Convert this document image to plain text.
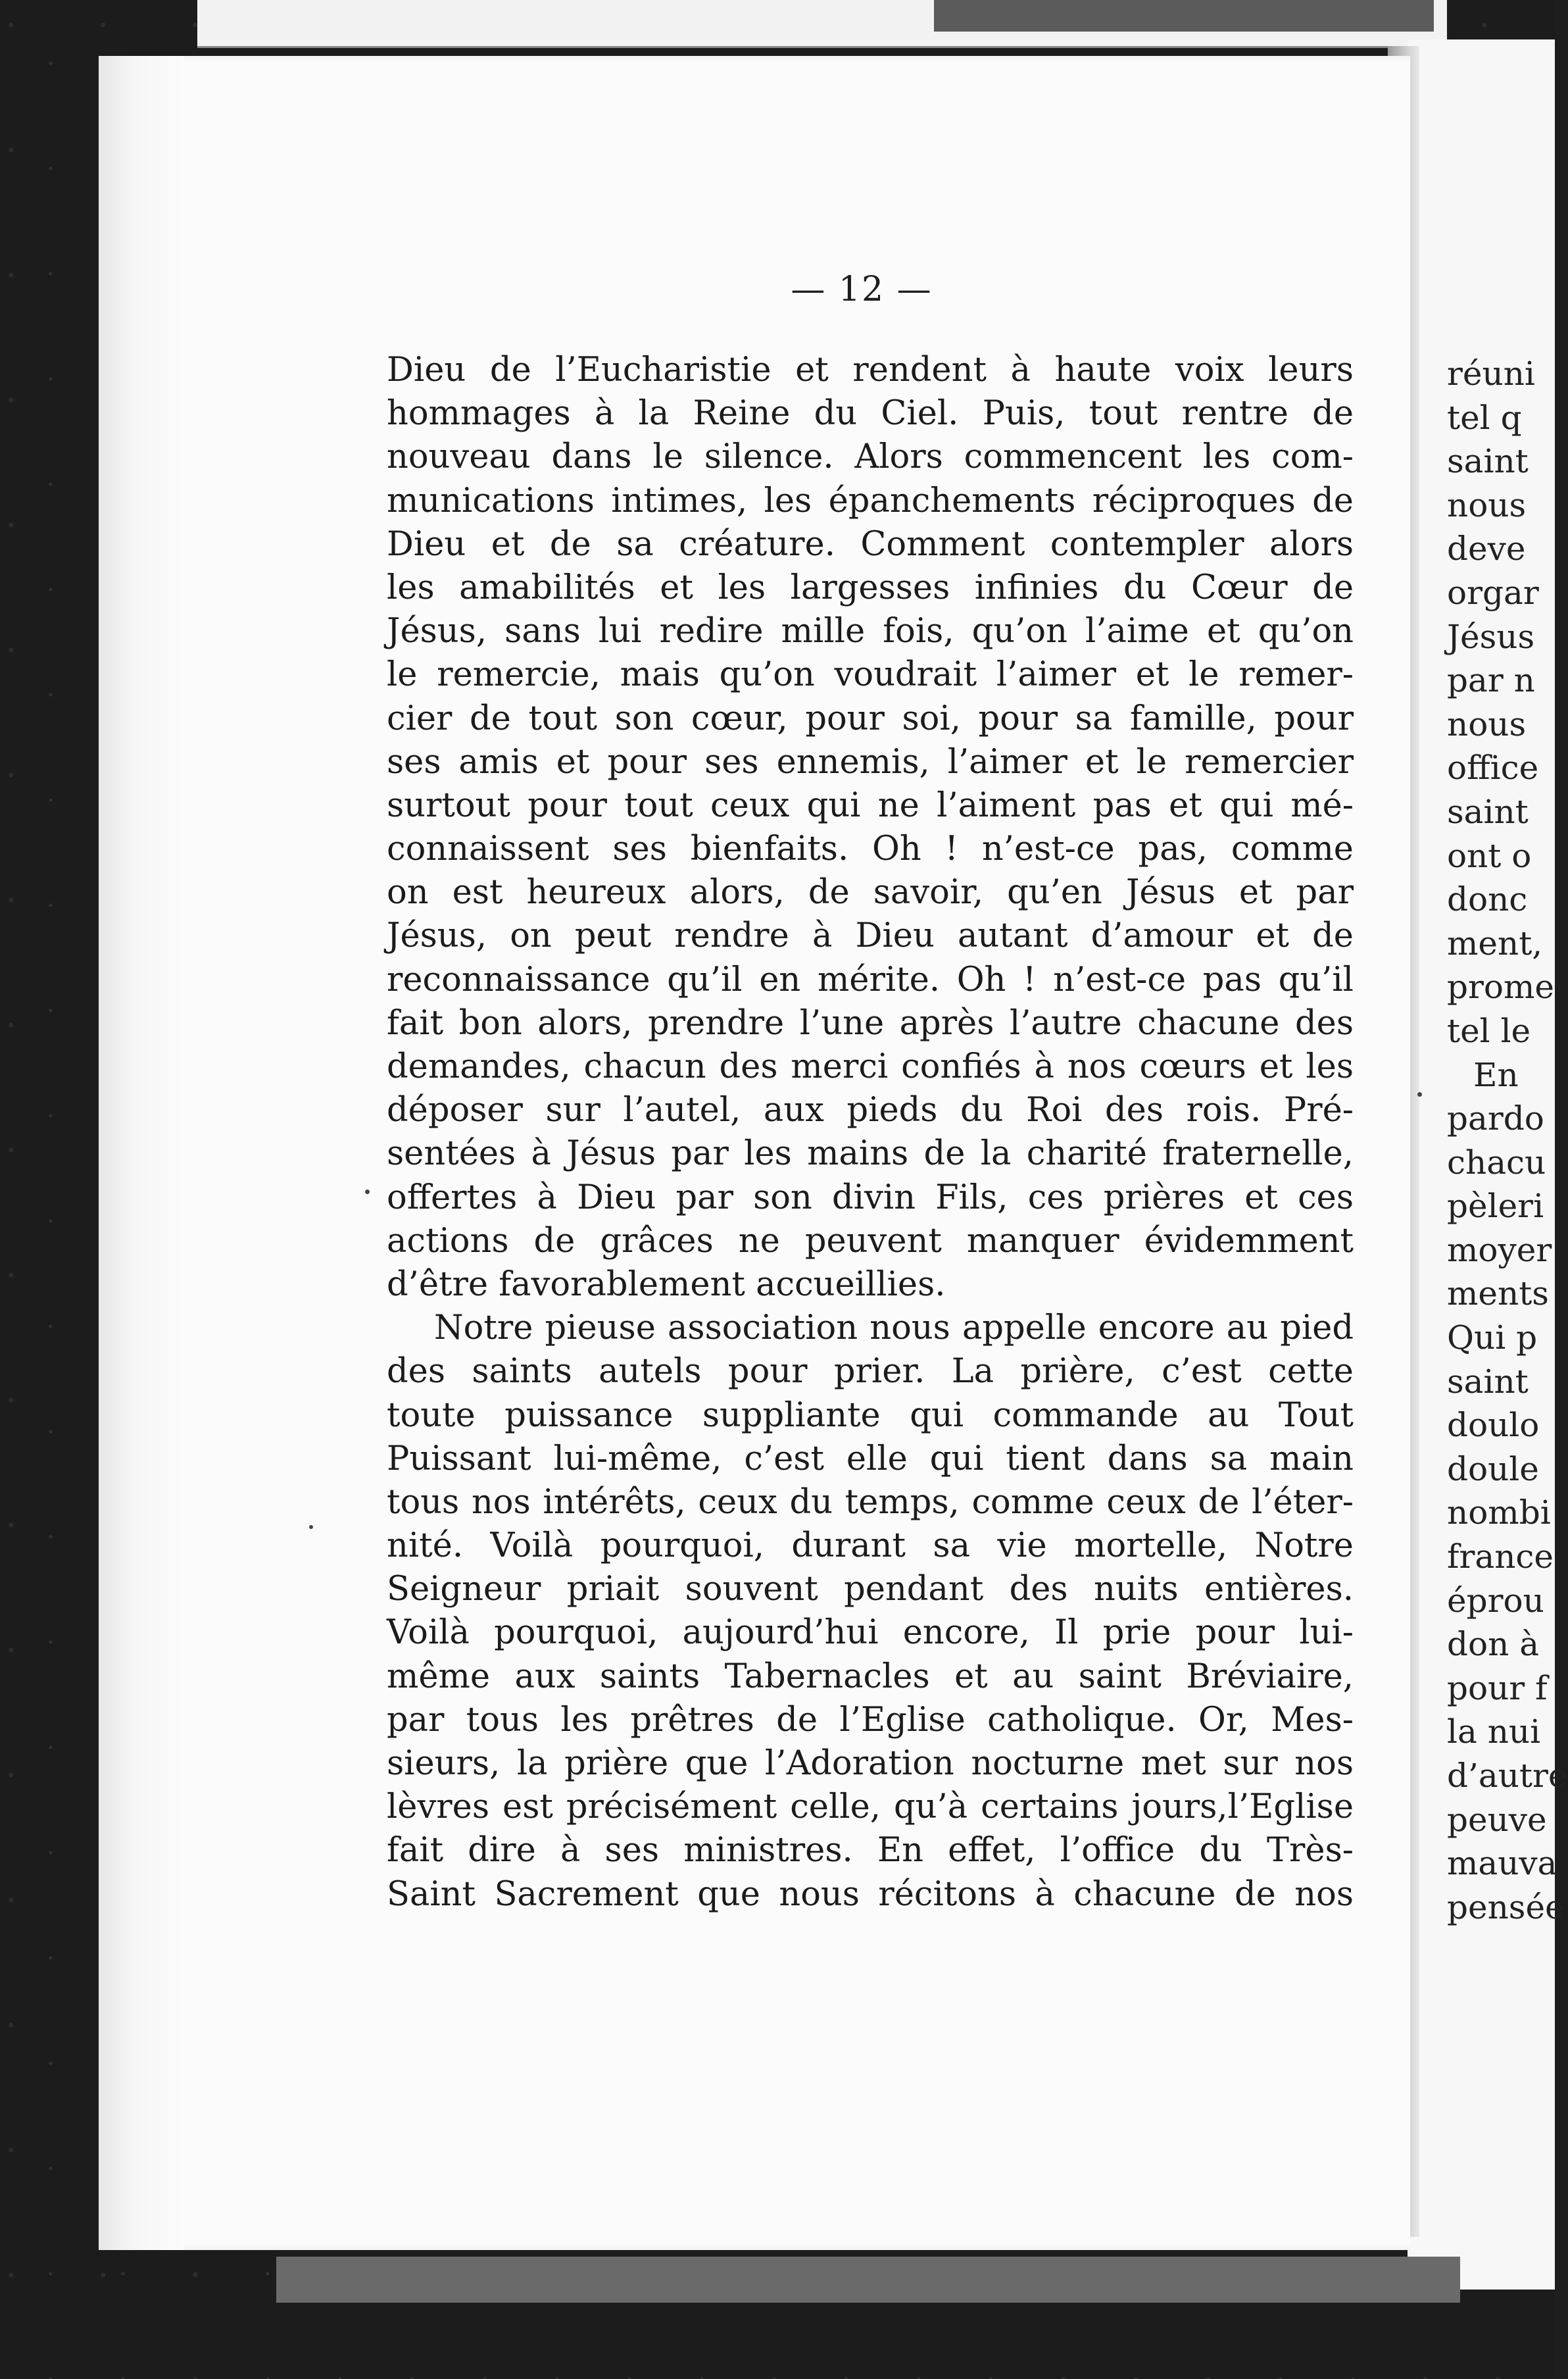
réuni
tel q
saint
nous
deve
orgar
Jésus
par n
nous
office
saint
ont o
donc
ment,
prome
tel le
En
pardo
chacu
pèleri
moyer
ments
Qui p
saint
doulo
doule
nombi
france
éprou
don à
pour f
la nui
d’autre
peuve
mauva
pensée
— 12 —
Dieu de l’Eucharistie et rendent à haute voix leurs
hommages à la Reine du Ciel. Puis, tout rentre de
nouveau dans le silence. Alors commencent les com-
munications intimes, les épanchements réciproques de
Dieu et de sa créature. Comment contempler alors
les amabilités et les largesses infinies du Cœur de
Jésus, sans lui redire mille fois, qu’on l’aime et qu’on
le remercie, mais qu’on voudrait l’aimer et le remer-
cier de tout son cœur, pour soi, pour sa famille, pour
ses amis et pour ses ennemis, l’aimer et le remercier
surtout pour tout ceux qui ne l’aiment pas et qui mé-
connaissent ses bienfaits. Oh ! n’est-ce pas, comme
on est heureux alors, de savoir, qu’en Jésus et par
Jésus, on peut rendre à Dieu autant d’amour et de
reconnaissance qu’il en mérite. Oh ! n’est-ce pas qu’il
fait bon alors, prendre l’une après l’autre chacune des
demandes, chacun des merci confiés à nos cœurs et les
déposer sur l’autel, aux pieds du Roi des rois. Pré-
sentées à Jésus par les mains de la charité fraternelle,
offertes à Dieu par son divin Fils, ces prières et ces
actions de grâces ne peuvent manquer évidemment
d’être favorablement accueillies.
Notre pieuse association nous appelle encore au pied
des saints autels pour prier. La prière, c’est cette
toute puissance suppliante qui commande au Tout
Puissant lui-même, c’est elle qui tient dans sa main
tous nos intérêts, ceux du temps, comme ceux de l’éter-
nité. Voilà pourquoi, durant sa vie mortelle, Notre
Seigneur priait souvent pendant des nuits entières.
Voilà pourquoi, aujourd’hui encore, Il prie pour lui-
même aux saints Tabernacles et au saint Bréviaire,
par tous les prêtres de l’Eglise catholique. Or, Mes-
sieurs, la prière que l’Adoration nocturne met sur nos
lèvres est précisément celle, qu’à certains jours,l’Eglise
fait dire à ses ministres. En effet, l’office du Très-
Saint Sacrement que nous récitons à chacune de nos
